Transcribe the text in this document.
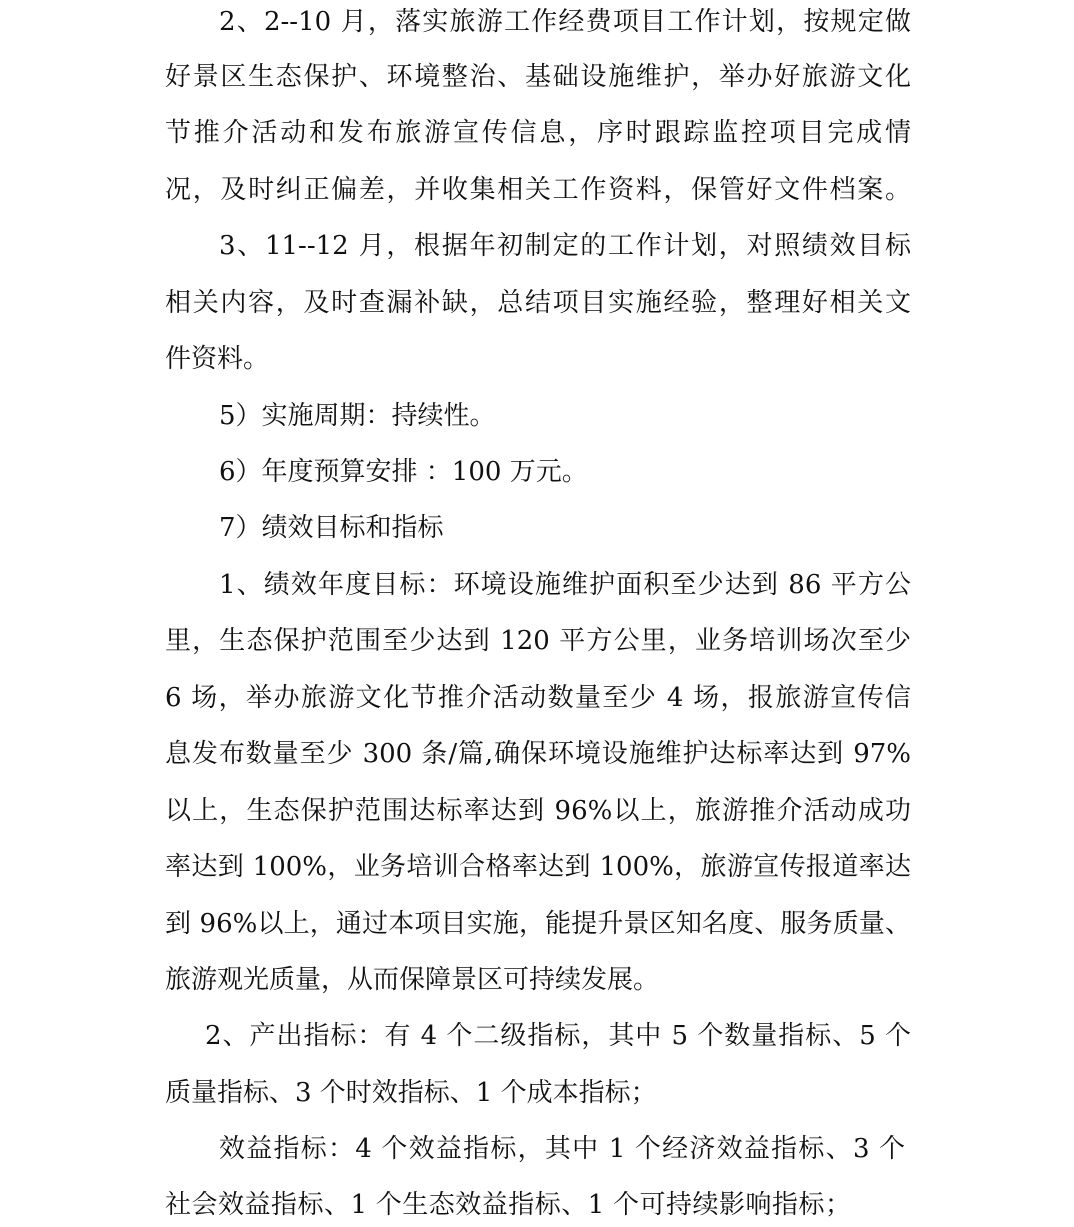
2、2--10 月，落实旅游工作经费项目工作计划，按规定做
好景区生态保护、环境整治、基础设施维护，举办好旅游文化
节推介活动和发布旅游宣传信息，序时跟踪监控项目完成情
况，及时纠正偏差，并收集相关工作资料，保管好文件档案。
3、11--12 月，根据年初制定的工作计划，对照绩效目标
相关内容，及时查漏补缺，总结项目实施经验，整理好相关文
件资料。
5）实施周期：持续性。
6）年度预算安排 ：100 万元。
7）绩效目标和指标
1、绩效年度目标：环境设施维护面积至少达到 86 平方公
里，生态保护范围至少达到 120 平方公里，业务培训场次至少
6 场，举办旅游文化节推介活动数量至少 4 场，报旅游宣传信
息发布数量至少 300 条/篇,确保环境设施维护达标率达到 97%
以上，生态保护范围达标率达到 96%以上，旅游推介活动成功
率达到 100%，业务培训合格率达到 100%，旅游宣传报道率达
到 96%以上，通过本项目实施，能提升景区知名度、服务质量、
旅游观光质量，从而保障景区可持续发展。
2、产出指标：有 4 个二级指标，其中 5 个数量指标、5 个
质量指标、3 个时效指标、1 个成本指标；
效益指标：4 个效益指标，其中 1 个经济效益指标、3 个
社会效益指标、1 个生态效益指标、1 个可持续影响指标；
